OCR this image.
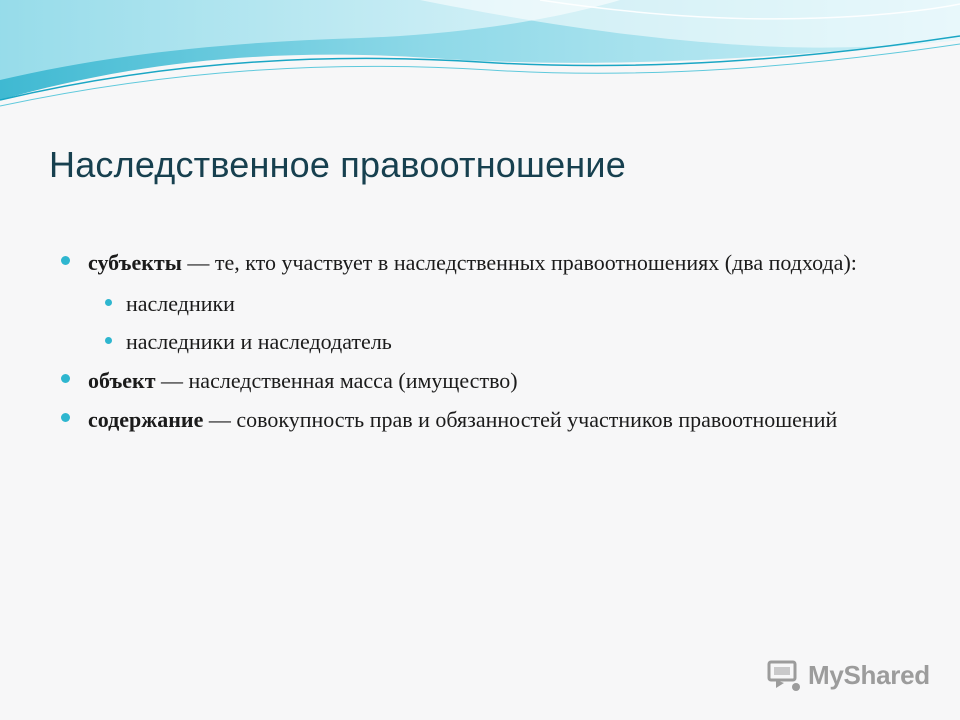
Наследственное правоотношение
субъекты — те, кто участвует в наследственных правоотношениях (два подхода):
наследники
наследники и наследодатель
объект — наследственная масса (имущество)
содержание — совокупность прав и обязанностей участников правоотношений
MyShared
